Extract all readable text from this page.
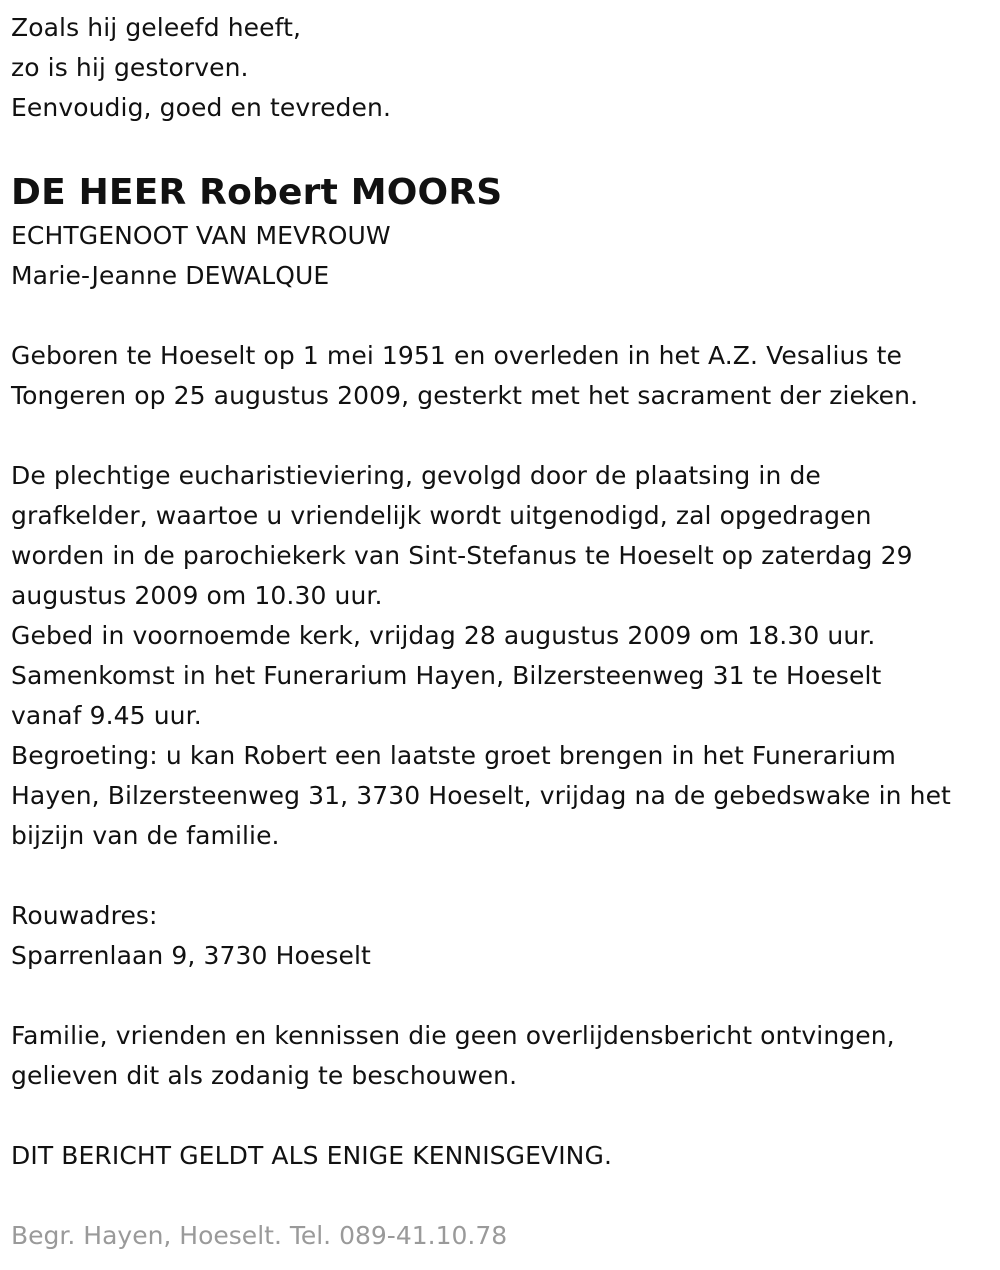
Zoals hij geleefd heeft,
zo is hij gestorven.
Eenvoudig, goed en tevreden.
DE HEER Robert MOORS
ECHTGENOOT VAN MEVROUW
Marie-Jeanne DEWALQUE
Geboren te Hoeselt op 1 mei 1951 en overleden in het A.Z. Vesalius te
Tongeren op 25 augustus 2009, gesterkt met het sacrament der zieken.
De plechtige eucharistieviering, gevolgd door de plaatsing in de
grafkelder, waartoe u vriendelijk wordt uitgenodigd, zal opgedragen
worden in de parochiekerk van Sint-Stefanus te Hoeselt op zaterdag 29
augustus 2009 om 10.30 uur.
Gebed in voornoemde kerk, vrijdag 28 augustus 2009 om 18.30 uur.
Samenkomst in het Funerarium Hayen, Bilzersteenweg 31 te Hoeselt
vanaf 9.45 uur.
Begroeting: u kan Robert een laatste groet brengen in het Funerarium
Hayen, Bilzersteenweg 31, 3730 Hoeselt, vrijdag na de gebedswake in het
bijzijn van de familie.
Rouwadres:
Sparrenlaan 9, 3730 Hoeselt
Familie, vrienden en kennissen die geen overlijdensbericht ontvingen,
gelieven dit als zodanig te beschouwen.
DIT BERICHT GELDT ALS ENIGE KENNISGEVING.
Begr. Hayen, Hoeselt. Tel. 089-41.10.78
